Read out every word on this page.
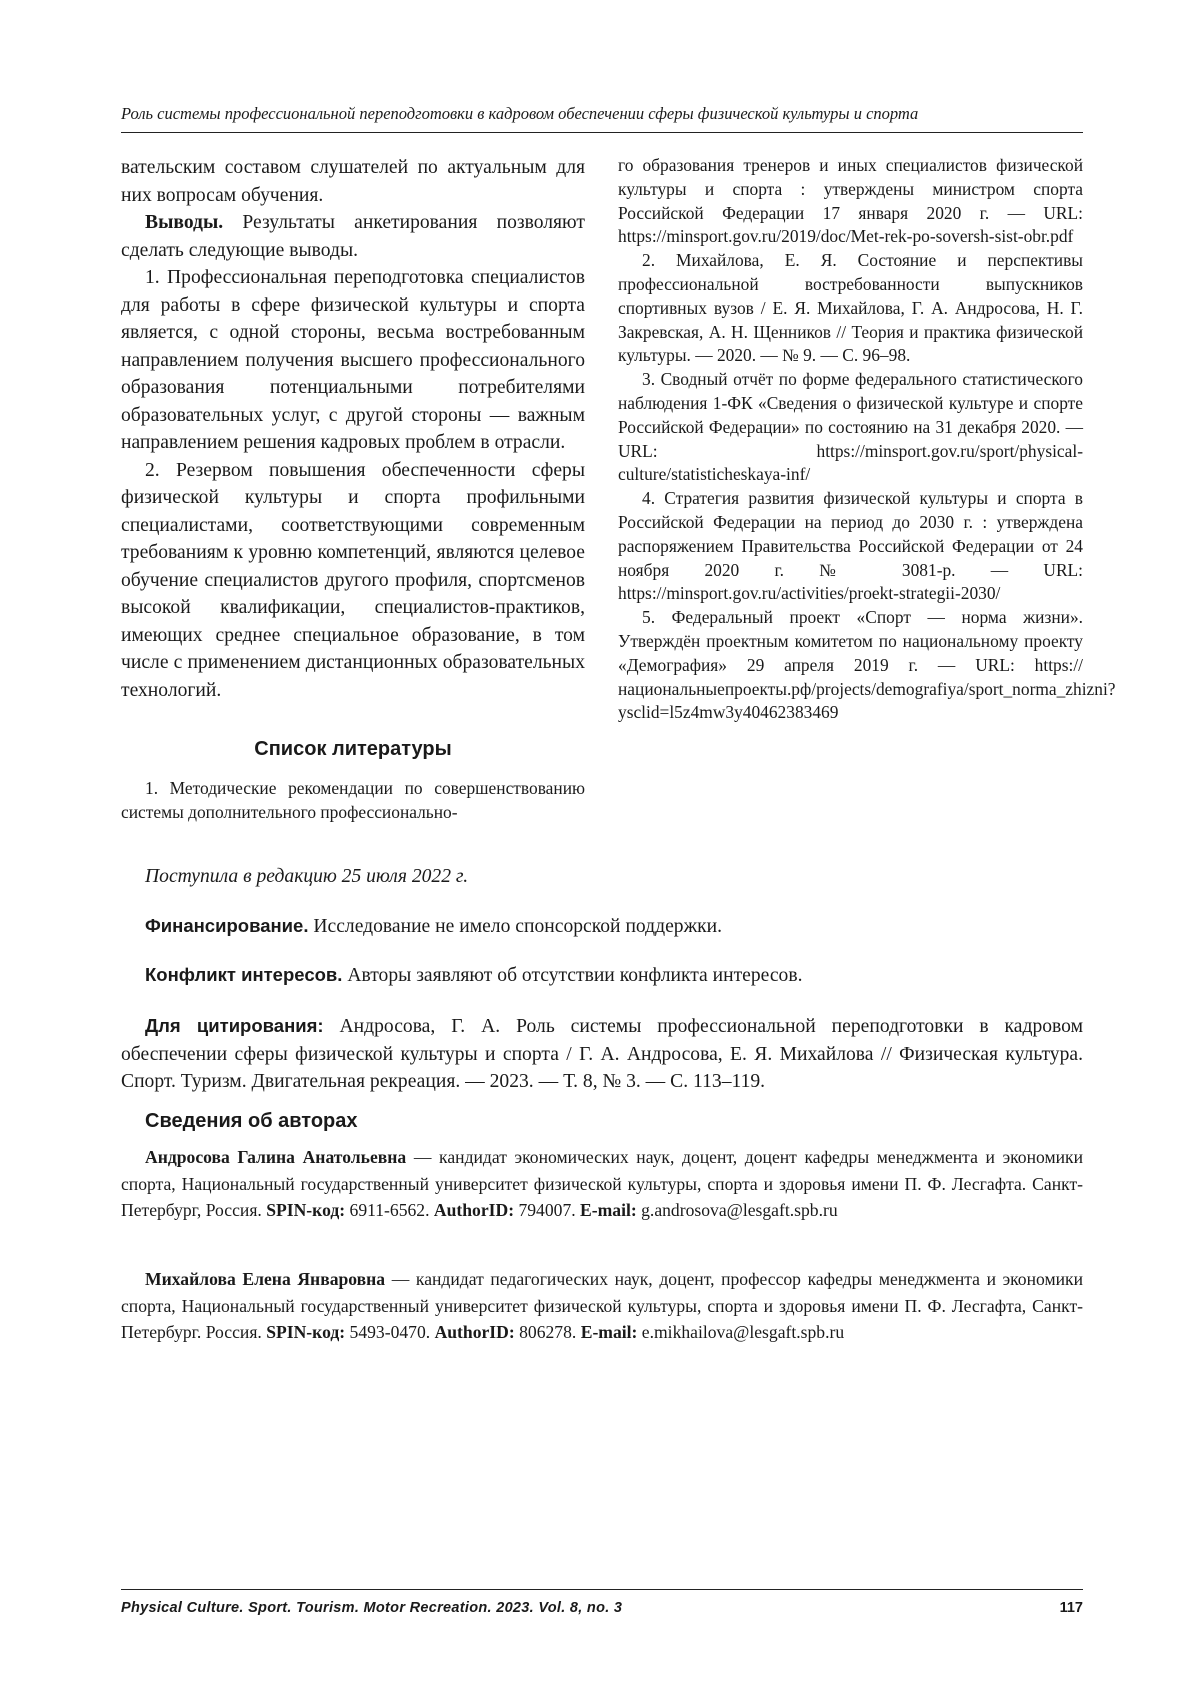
Роль системы профессиональной переподготовки в кадровом обеспечении сферы физической культуры и спорта

вательским составом слушателей по актуальным для них вопросам обучения.

Выводы. Результаты анкетирования позволяют сделать следующие выводы.

1. Профессиональная переподготовка специалистов для работы в сфере физической культуры и спорта является, с одной стороны, весьма востребованным направлением получения высшего профессионального образования потенциальными потребителями образовательных услуг, с другой стороны — важным направлением решения кадровых проблем в отрасли.

2. Резервом повышения обеспеченности сферы физической культуры и спорта профильными специалистами, соответствующими современным требованиям к уровню компетенций, являются целевое обучение специалистов другого профиля, спортсменов высокой квалификации, специалистов-практиков, имеющих среднее специальное образование, в том числе с применением дистанционных образовательных технологий.

Список литературы

1. Методические рекомендации по совершенствованию системы дополнительного профессионально-

го образования тренеров и иных специалистов физической культуры и спорта : утверждены министром спорта Российской Федерации 17 января 2020 г. — URL: https://minsport.gov.ru/2019/doc/Met-rek-po-soversh-sist-obr.pdf

2. Михайлова, Е. Я. Состояние и перспективы профессиональной востребованности выпускников спортивных вузов / Е. Я. Михайлова, Г. А. Андросова, Н. Г. Закревская, А. Н. Щенников // Теория и практика физической культуры. — 2020. — № 9. — С. 96–98.

3. Сводный отчёт по форме федерального статистического наблюдения 1-ФК «Сведения о физической культуре и спорте Российской Федерации» по состоянию на 31 декабря 2020. — URL: https://minsport.gov.ru/sport/physical-culture/statisticheskaya-inf/

4. Стратегия развития физической культуры и спорта в Российской Федерации на период до 2030 г. : утверждена распоряжением Правительства Российской Федерации от 24 ноября 2020 г. № 3081-р. — URL: https://minsport.gov.ru/activities/proekt-strategii-2030/

5. Федеральный проект «Спорт — норма жизни». Утверждён проектным комитетом по национальному проекту «Демография» 29 апреля 2019 г. — URL: https://национальныепроекты.рф/projects/demografiya/sport_norma_zhizni?ysclid=l5z4mw3y40462383469

Поступила в редакцию 25 июля 2022 г.
Финансирование. Исследование не имело спонсорской поддержки.
Конфликт интересов. Авторы заявляют об отсутствии конфликта интересов.
Для цитирования: Андросова, Г. А. Роль системы профессиональной переподготовки в кадровом обеспечении сферы физической культуры и спорта / Г. А. Андросова, Е. Я. Михайлова // Физическая культура. Спорт. Туризм. Двигательная рекреация. — 2023. — Т. 8, № 3. — С. 113–119.
Сведения об авторах
Андросова Галина Анатольевна — кандидат экономических наук, доцент, доцент кафедры менеджмента и экономики спорта, Национальный государственный университет физической культуры, спорта и здоровья имени П. Ф. Лесгафта. Санкт-Петербург, Россия. SPIN-код: 6911-6562. AuthorID: 794007. E-mail: g.androsova@lesgaft.spb.ru
Михайлова Елена Январовна — кандидат педагогических наук, доцент, профессор кафедры менеджмента и экономики спорта, Национальный государственный университет физической культуры, спорта и здоровья имени П. Ф. Лесгафта, Санкт-Петербург. Россия. SPIN-код: 5493-0470. AuthorID: 806278. E-mail: e.mikhailova@lesgaft.spb.ru
Physical Culture. Sport. Tourism. Motor Recreation. 2023. Vol. 8, no. 3	117
